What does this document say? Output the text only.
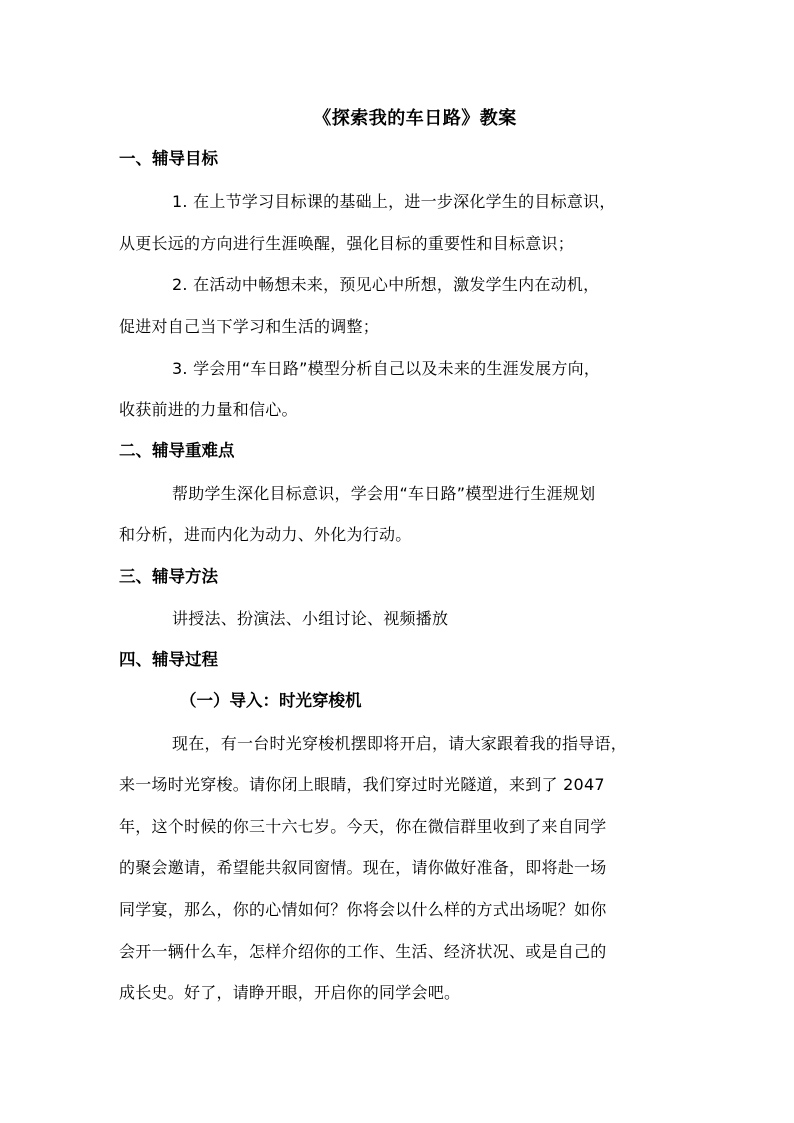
《探索我的车日路》教案
一、辅导目标
1. 在上节学习目标课的基础上，进一步深化学生的目标意识，
从更长远的方向进行生涯唤醒，强化目标的重要性和目标意识；
2. 在活动中畅想未来，预见心中所想，激发学生内在动机，
促进对自己当下学习和生活的调整；
3. 学会用“车日路”模型分析自己以及未来的生涯发展方向，
收获前进的力量和信心。
二、辅导重难点
帮助学生深化目标意识，学会用“车日路”模型进行生涯规划
和分析，进而内化为动力、外化为行动。
三、辅导方法
讲授法、扮演法、小组讨论、视频播放
四、辅导过程
（一）导入：时光穿梭机
现在，有一台时光穿梭机摆即将开启，请大家跟着我的指导语，
来一场时光穿梭。请你闭上眼睛，我们穿过时光隧道，来到了 2047
年，这个时候的你三十六七岁。今天，你在微信群里收到了来自同学
的聚会邀请，希望能共叙同窗情。现在，请你做好准备，即将赴一场
同学宴，那么，你的心情如何？你将会以什么样的方式出场呢？如你
会开一辆什么车，怎样介绍你的工作、生活、经济状况、或是自己的
成长史。好了，请睁开眼，开启你的同学会吧。
